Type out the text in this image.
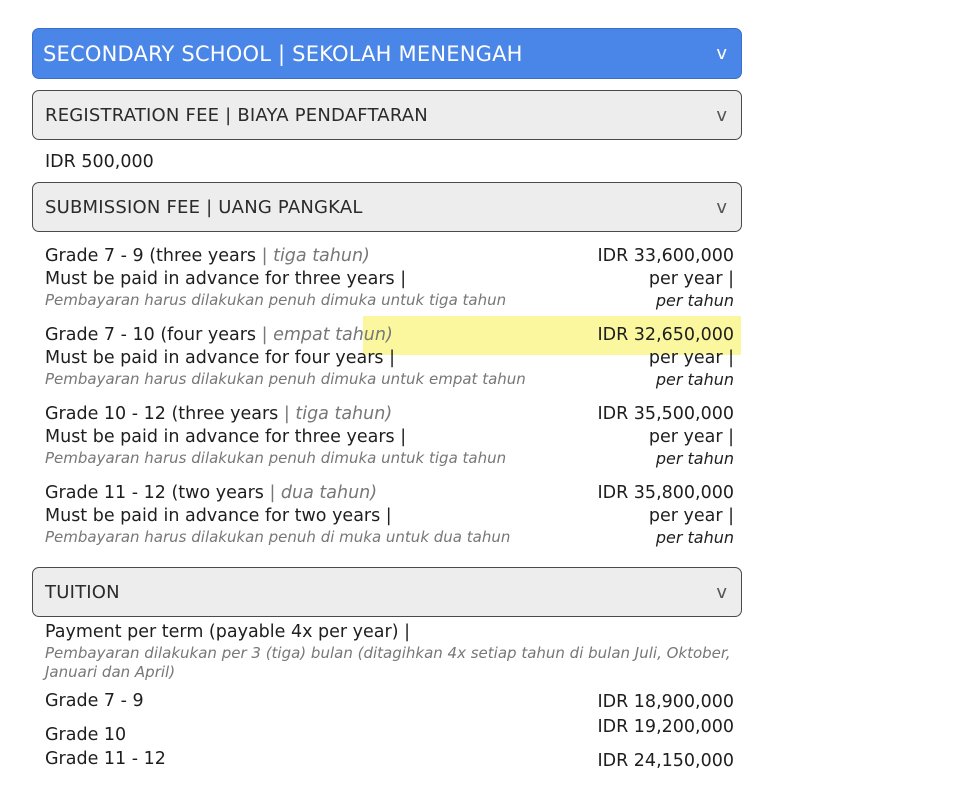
SECONDARY SCHOOL | SEKOLAH MENENGAH	v
REGISTRATION FEE | BIAYA PENDAFTARAN	v
IDR 500,000
SUBMISSION FEE | UANG PANGKAL	v
Grade 7 - 9 (three years | tiga tahun)
Must be paid in advance for three years |
Pembayaran harus dilakukan penuh dimuka untuk tiga tahun
IDR 33,600,000
per year |
per tahun
Grade 7 - 10 (four years | empat tahun)
Must be paid in advance for four years |
Pembayaran harus dilakukan penuh dimuka untuk empat tahun
IDR 32,650,000
per year |
per tahun
Grade 10 - 12 (three years | tiga tahun)
Must be paid in advance for three years |
Pembayaran harus dilakukan penuh dimuka untuk tiga tahun
IDR 35,500,000
per year |
per tahun
Grade 11 - 12 (two years | dua tahun)
Must be paid in advance for two years |
Pembayaran harus dilakukan penuh di muka untuk dua tahun
IDR 35,800,000
per year |
per tahun
TUITION	v
Payment per term (payable 4x per year) |
Pembayaran dilakukan per 3 (tiga) bulan (ditagihkan 4x setiap tahun di bulan Juli, Oktober, Januari dan April)
Grade 7 - 9	IDR 18,900,000
Grade 10	IDR 19,200,000
Grade 11 - 12	IDR 24,150,000
